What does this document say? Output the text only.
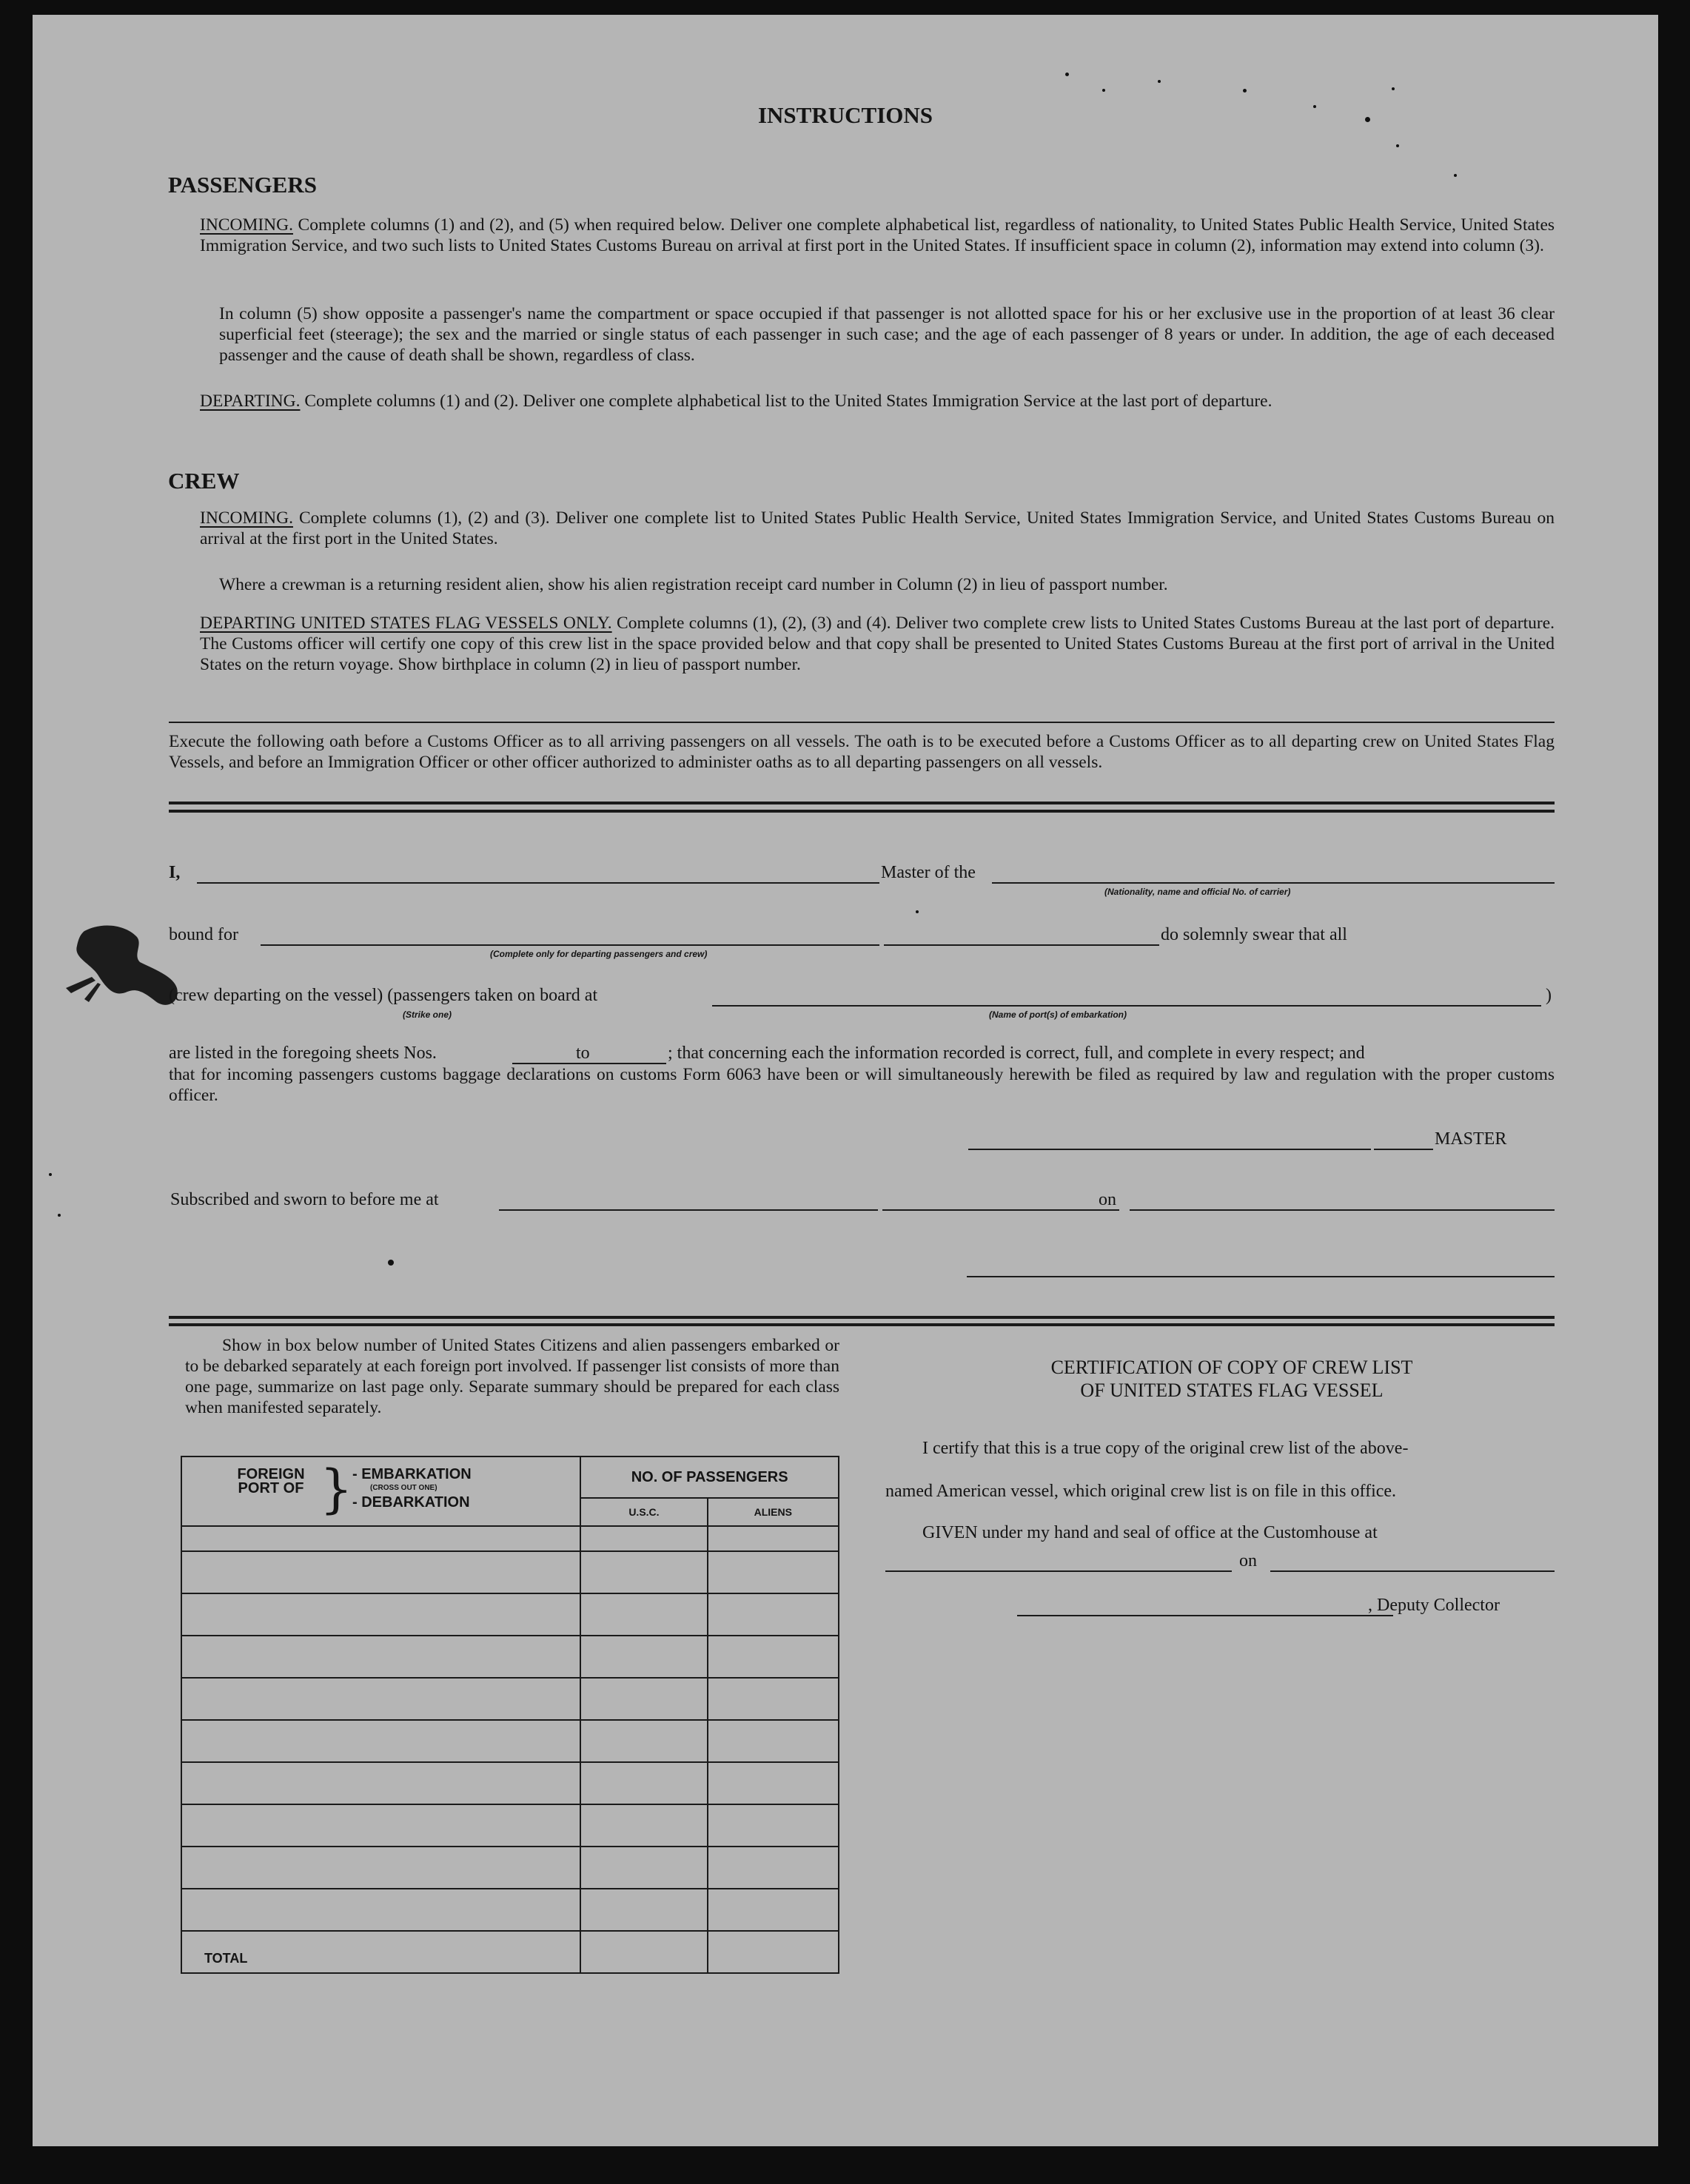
INSTRUCTIONS
PASSENGERS
INCOMING. Complete columns (1) and (2), and (5) when required below. Deliver one complete alphabetical list, regardless of nationality, to United States Public Health Service, United States Immigration Service, and two such lists to United States Customs Bureau on arrival at first port in the United States. If insufficient space in column (2), information may extend into column (3).
In column (5) show opposite a passenger's name the compartment or space occupied if that passenger is not allotted space for his or her exclusive use in the proportion of at least 36 clear superficial feet (steerage); the sex and the married or single status of each passenger in such case; and the age of each passenger of 8 years or under. In addition, the age of each deceased passenger and the cause of death shall be shown, regardless of class.
DEPARTING. Complete columns (1) and (2). Deliver one complete alphabetical list to the United States Immigration Service at the last port of departure.
CREW
INCOMING. Complete columns (1), (2) and (3). Deliver one complete list to United States Public Health Service, United States Immigration Service, and United States Customs Bureau on arrival at the first port in the United States.
Where a crewman is a returning resident alien, show his alien registration receipt card number in Column (2) in lieu of passport number.
DEPARTING UNITED STATES FLAG VESSELS ONLY. Complete columns (1), (2), (3) and (4). Deliver two complete crew lists to United States Customs Bureau at the last port of departure. The Customs officer will certify one copy of this crew list in the space provided below and that copy shall be presented to United States Customs Bureau at the first port of arrival in the United States on the return voyage. Show birthplace in column (2) in lieu of passport number.
Execute the following oath before a Customs Officer as to all arriving passengers on all vessels. The oath is to be executed before a Customs Officer as to all departing crew on United States Flag Vessels, and before an Immigration Officer or other officer authorized to administer oaths as to all departing passengers on all vessels.
I,	Master of the
(Nationality, name and official No. of carrier)
bound for
(Complete only for departing passengers and crew)
do solemnly swear that all
(crew departing on the vessel) (passengers taken on board at	)
(Strike one)	(Name of port(s) of embarkation)
are listed in the foregoing sheets Nos.	to	; that concerning each the information recorded is correct, full, and complete in every respect; and
that for incoming passengers customs baggage declarations on customs Form 6063 have been or will simultaneously herewith be filed as required by law and regulation with the proper customs officer.
MASTER
Subscribed and sworn to before me at	on
Show in box below number of United States Citizens and alien passengers embarked or to be debarked separately at each foreign port involved. If passenger list consists of more than one page, summarize on last page only. Separate summary should be prepared for each class when manifested separately.
FOREIGN PORT OF } - EMBARKATION
(CROSS OUT ONE)
- DEBARKATION	NO. OF PASSENGERS	
	U.S.C.	ALIENS

TOTAL		
CERTIFICATION OF COPY OF CREW LIST
OF UNITED STATES FLAG VESSEL
I certify that this is a true copy of the original crew list of the above-
named American vessel, which original crew list is on file in this office.
GIVEN under my hand and seal of office at the Customhouse at
on
, Deputy Collector
